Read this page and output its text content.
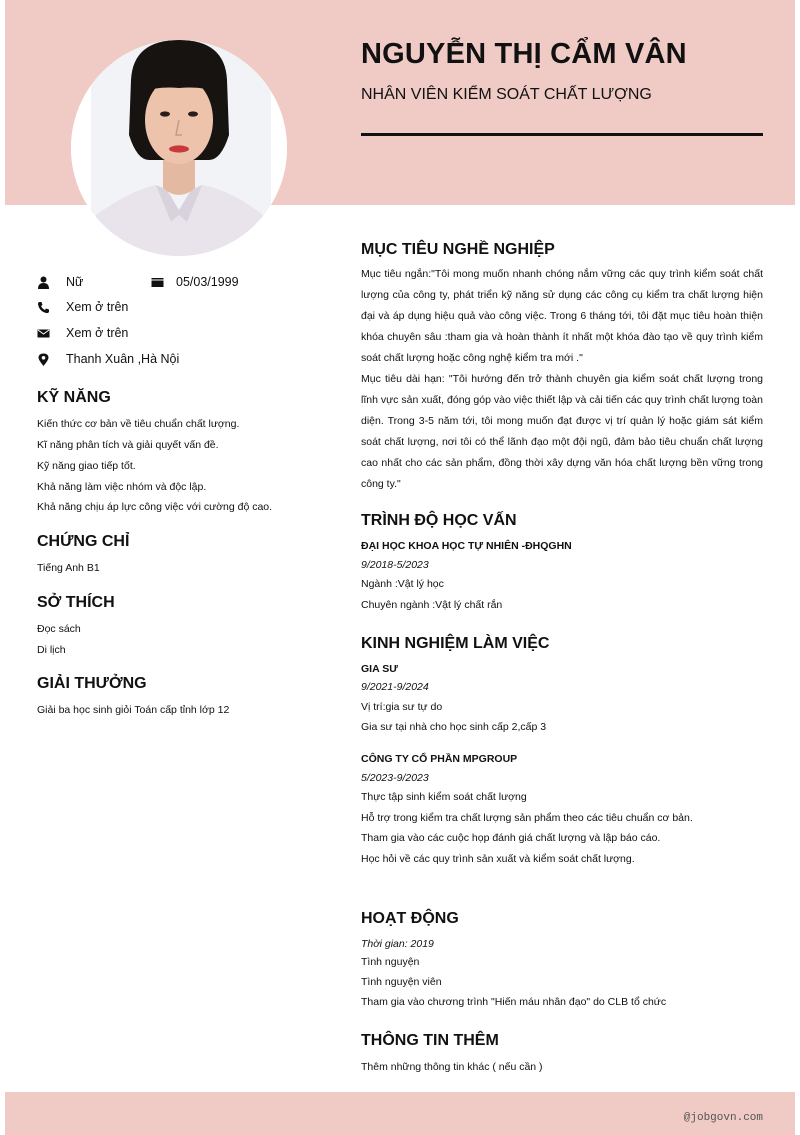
NGUYỄN THỊ CẨM VÂN
NHÂN VIÊN KIỂM SOÁT CHẤT LƯỢNG
Nữ	05/03/1999
Xem ở trên
Xem ở trên
Thanh Xuân ,Hà Nội
KỸ NĂNG
Kiến thức cơ bản về tiêu chuẩn chất lượng.
Kĩ năng phân tích và giải quyết vấn đề.
Kỹ năng giao tiếp tốt.
Khả năng làm việc nhóm và độc lập.
Khả năng chịu áp lực công việc với cường độ cao.
CHỨNG CHỈ
Tiếng Anh B1
SỞ THÍCH
Đọc sách
Di lịch
GIẢI THƯỞNG
Giải ba học sinh giỏi Toán cấp tỉnh lớp 12
MỤC TIÊU NGHỀ NGHIỆP
Mục tiêu ngắn:"Tôi mong muốn nhanh chóng nắm vững các quy trình kiểm soát chất lượng của công ty, phát triển kỹ năng sử dụng các công cụ kiểm tra chất lượng hiện đại và áp dụng hiệu quả vào công việc. Trong 6 tháng tới, tôi đặt mục tiêu hoàn thiện khóa chuyên sâu :tham gia và hoàn thành ít nhất một khóa đào tạo về quy trình kiểm soát chất lượng hoặc công nghệ kiểm tra mới ."
Mục tiêu dài hạn: "Tôi hướng đến trở thành chuyên gia kiểm soát chất lượng trong lĩnh vực sản xuất, đóng góp vào việc thiết lập và cải tiến các quy trình chất lượng toàn diện. Trong 3-5 năm tới, tôi mong muốn đạt được vị trí quản lý hoặc giám sát kiểm soát chất lượng, nơi tôi có thể lãnh đạo một đội ngũ, đảm bảo tiêu chuẩn chất lượng cao nhất cho các sản phẩm, đồng thời xây dựng văn hóa chất lượng bền vững trong công ty."
TRÌNH ĐỘ HỌC VẤN
ĐẠI HỌC KHOA HỌC TỰ NHIÊN -ĐHQGHN
9/2018-5/2023
Ngành :Vật lý học
Chuyên ngành :Vật lý chất rắn
KINH NGHIỆM LÀM VIỆC
GIA SƯ
9/2021-9/2024
Vị trí:gia sư tự do
Gia sư tại nhà cho học sinh cấp 2,cấp 3
CÔNG TY CỔ PHẦN MPGROUP
5/2023-9/2023
Thực tập sinh kiểm soát chất lượng
Hỗ trợ trong kiểm tra chất lượng sản phẩm theo các tiêu chuẩn cơ bản.
Tham gia vào các cuộc họp đánh giá chất lượng và lập báo cáo.
Học hỏi về các quy trình sản xuất và kiểm soát chất lượng.
HOẠT ĐỘNG
Thời gian: 2019
Tình nguyện
Tình nguyện viên
Tham gia vào chương trình "Hiến máu nhân đạo" do CLB tổ chức
THÔNG TIN THÊM
Thêm những thông tin khác ( nếu cần )
@jobgovn.com
